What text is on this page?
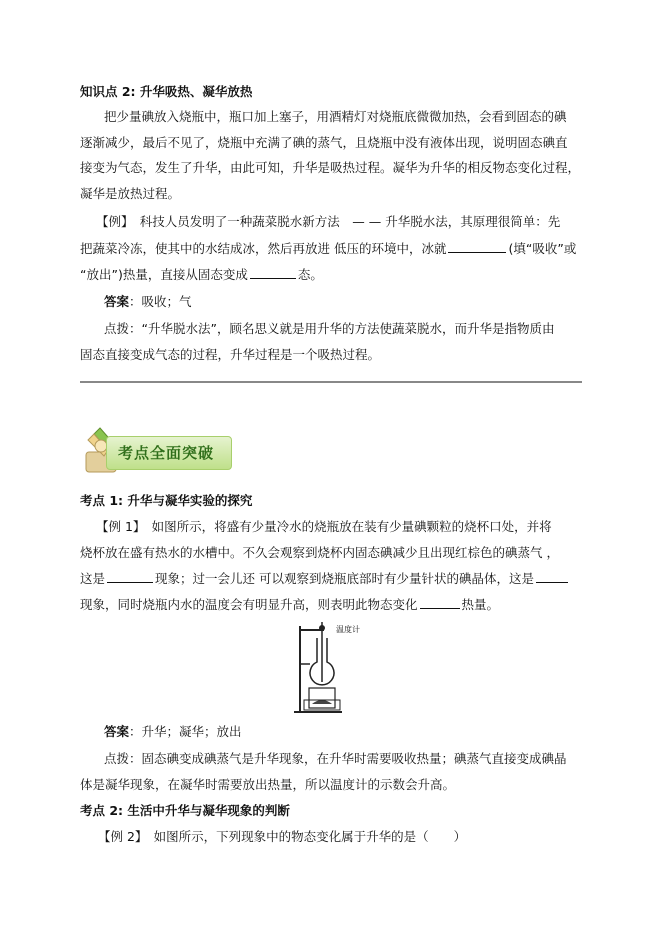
知识点 2: 升华吸热、凝华放热
把少量碘放入烧瓶中，瓶口加上塞子，用酒精灯对烧瓶底微微加热，会看到固态的碘
逐渐减少，最后不见了，烧瓶中充满了碘的蒸气，且烧瓶中没有液体出现，说明固态碘直
接变为气态，发生了升华，由此可知，升华是吸热过程。凝华为升华的相反物态变化过程，
凝华是放热过程。
【例】　科技人员发明了一种蔬菜脱水新方法　— — 升华脱水法，其原理很简单：先
把蔬菜冷冻，使其中的水结成冰，然后再放进 低压的环境中，冰就	(填“吸收”或
“放出”)热量，直接从固态变成	态。
答案：吸收；气
点拨：“升华脱水法”，顾名思义就是用升华的方法使蔬菜脱水，而升华是指物质由
固态直接变成气态的过程，升华过程是一个吸热过程。
考点全面突破
考点 1: 升华与凝华实验的探究
【例 1】　如图所示，将盛有少量冷水的烧瓶放在装有少量碘颗粒的烧杯口处，并将
烧杯放在盛有热水的水槽中。不久会观察到烧杯内固态碘减少且出现红棕色的碘蒸气 ，
这是	现象；过一会儿还 可以观察到烧瓶底部时有少量针状的碘晶体，这是
现象，同时烧瓶内水的温度会有明显升高，则表明此物态变化	热量。
温度计
答案：升华；凝华；放出
点拨：固态碘变成碘蒸气是升华现象，在升华时需要吸收热量；碘蒸气直接变成碘晶
体是凝华现象，在凝华时需要放出热量，所以温度计的示数会升高。
考点 2: 生活中升华与凝华现象的判断
【例 2】　如图所示，下列现象中的物态变化属于升华的是（　　）
